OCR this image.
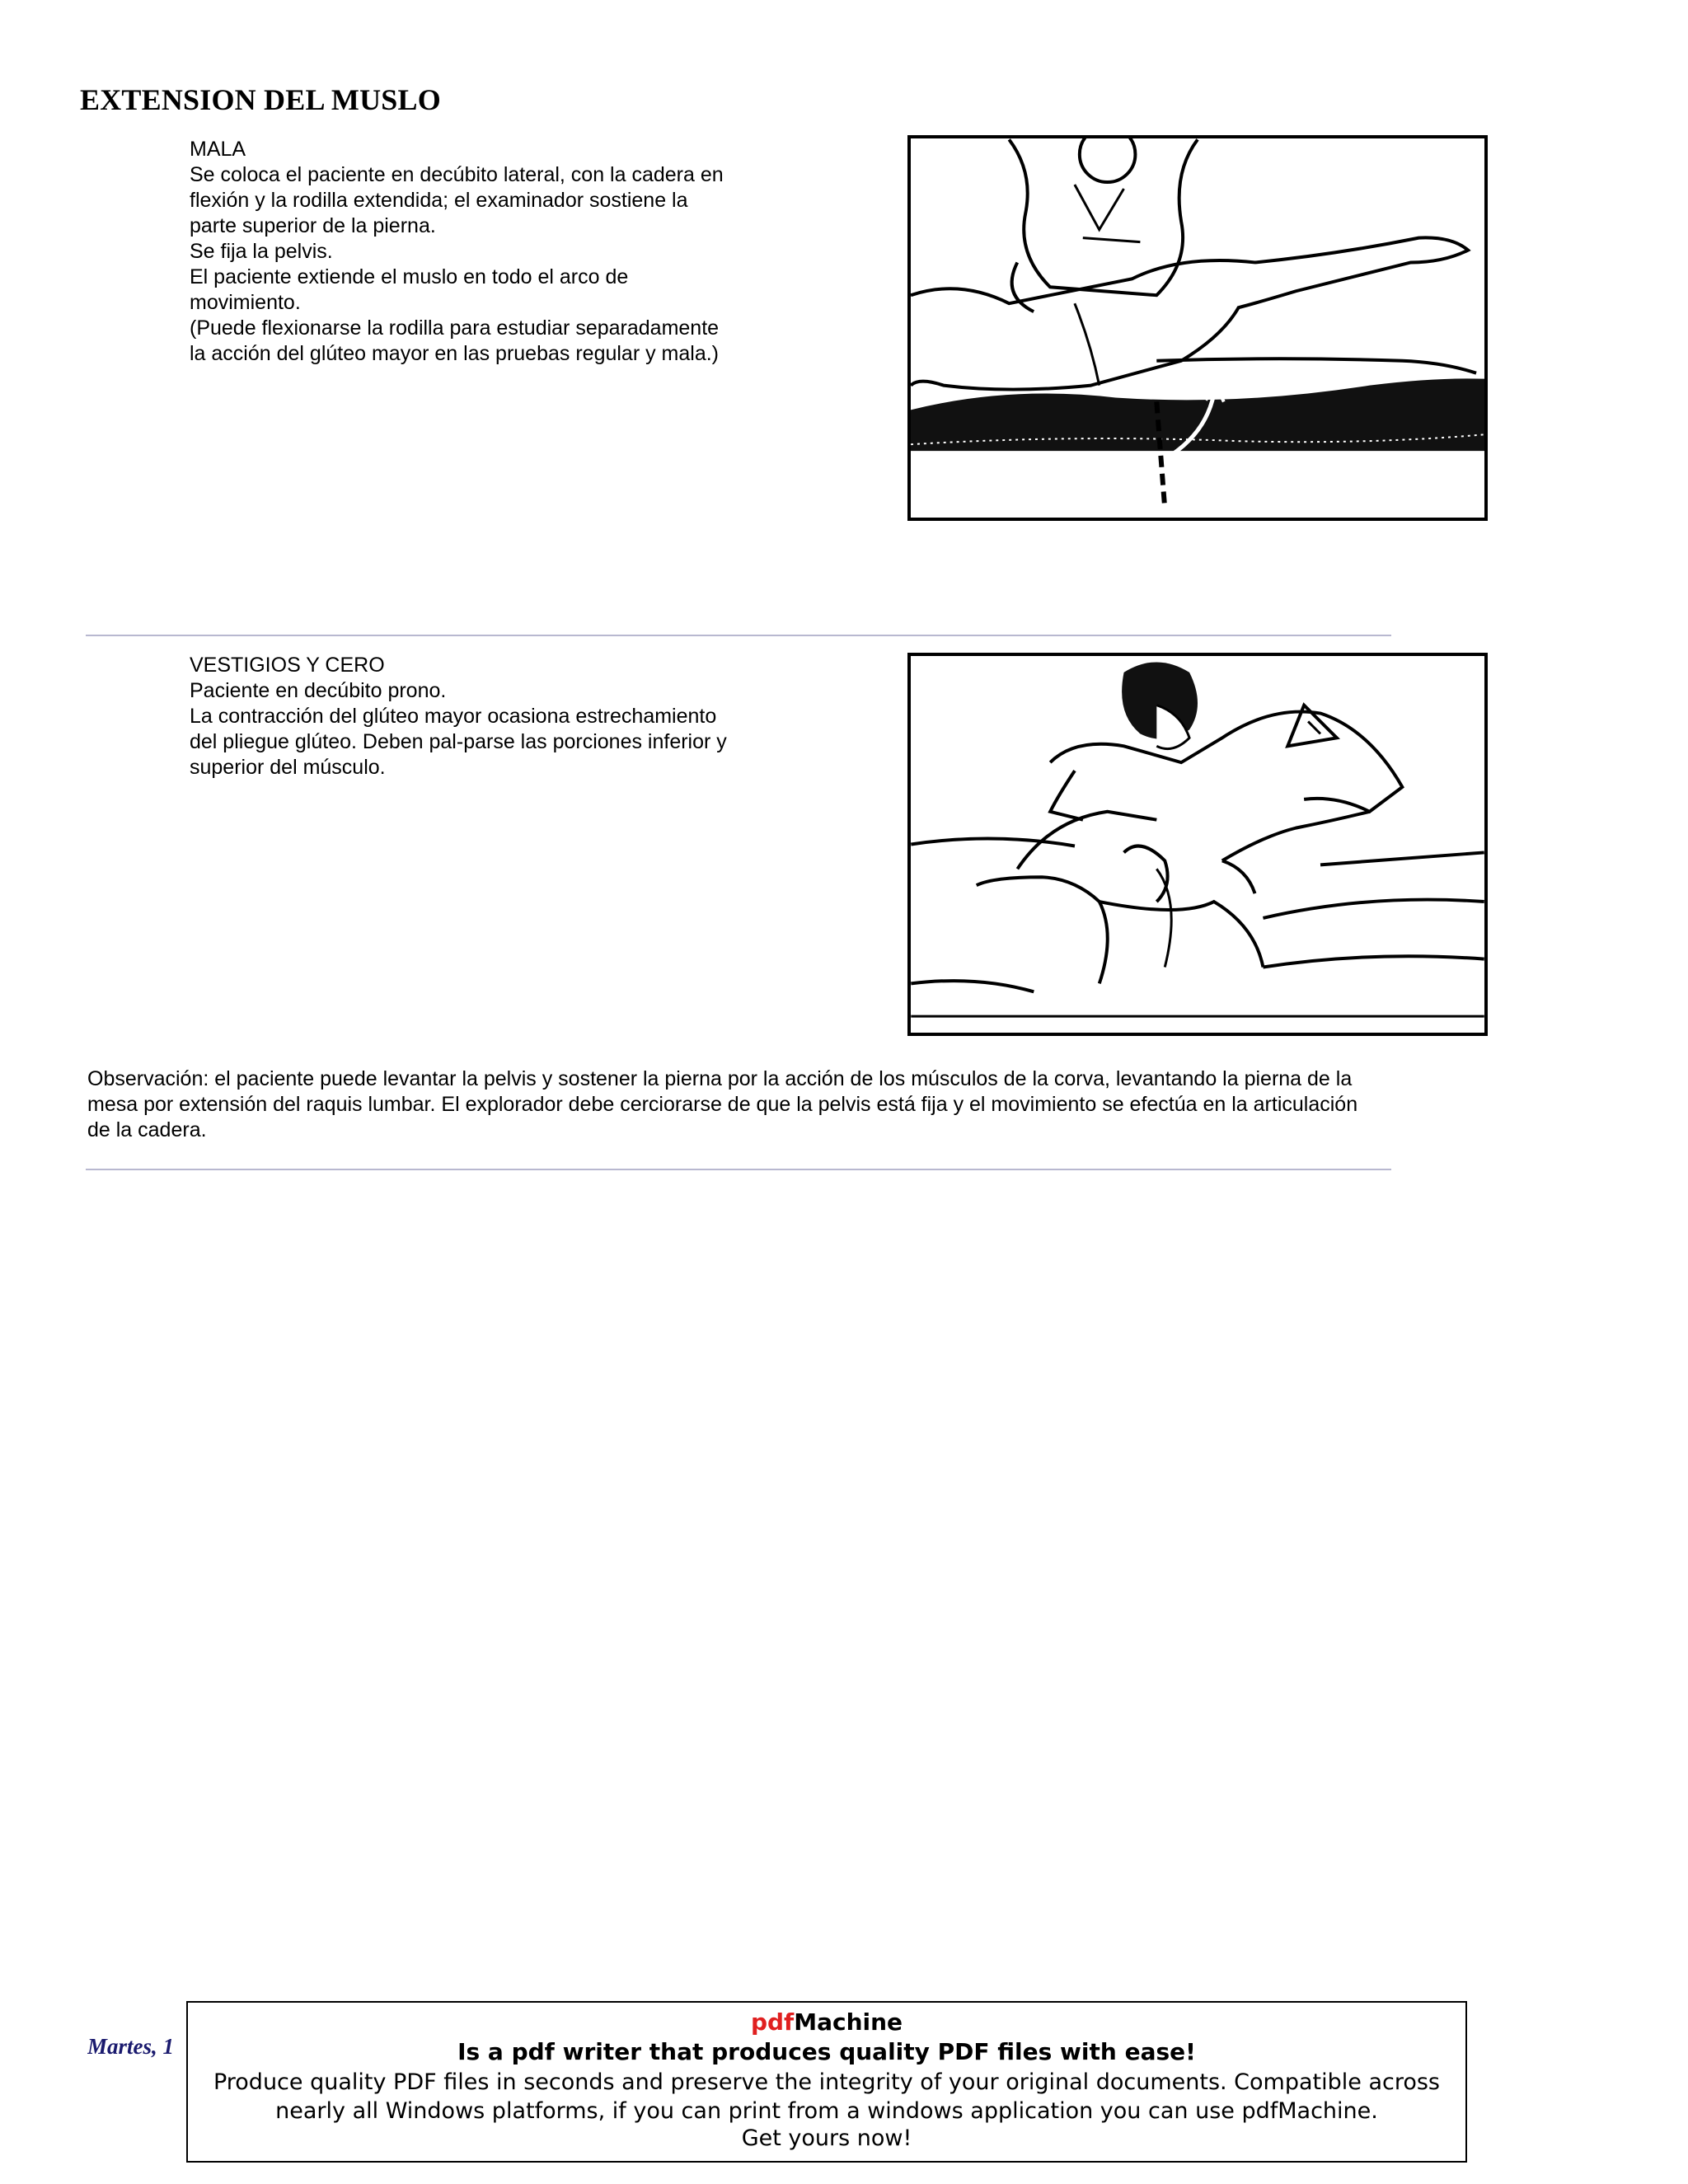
EXTENSION DEL MUSLO

MALA

Se coloca el paciente en decúbito lateral, con la cadera en

flexión y la rodilla extendida; el examinador sostiene la

parte superior de la pierna.

Se fija la pelvis.

El paciente extiende el muslo en todo el arco de

movimiento.

(Puede flexionarse la rodilla para estudiar separadamente

la acción del glúteo mayor en las pruebas regular y mala.)

VESTIGIOS Y CERO

Paciente en decúbito prono.

La contracción del glúteo mayor ocasiona estrechamiento

del pliegue glúteo. Deben pal-parse las porciones inferior y

superior del músculo.

Observación: el paciente puede levantar la pelvis y sostener la pierna por la acción de los músculos de la corva, levantando la pierna de la
mesa por extensión del raquis lumbar. El explorador debe cerciorarse de que la pelvis está fija y el movimiento se efectúa en la articulación
de la cadera.
Martes, 1
pdfMachine
Is a pdf writer that produces quality PDF files with ease!
Produce quality PDF files in seconds and preserve the integrity of your original documents. Compatible across
nearly all Windows platforms, if you can print from a windows application you can use pdfMachine.
Get yours now!
